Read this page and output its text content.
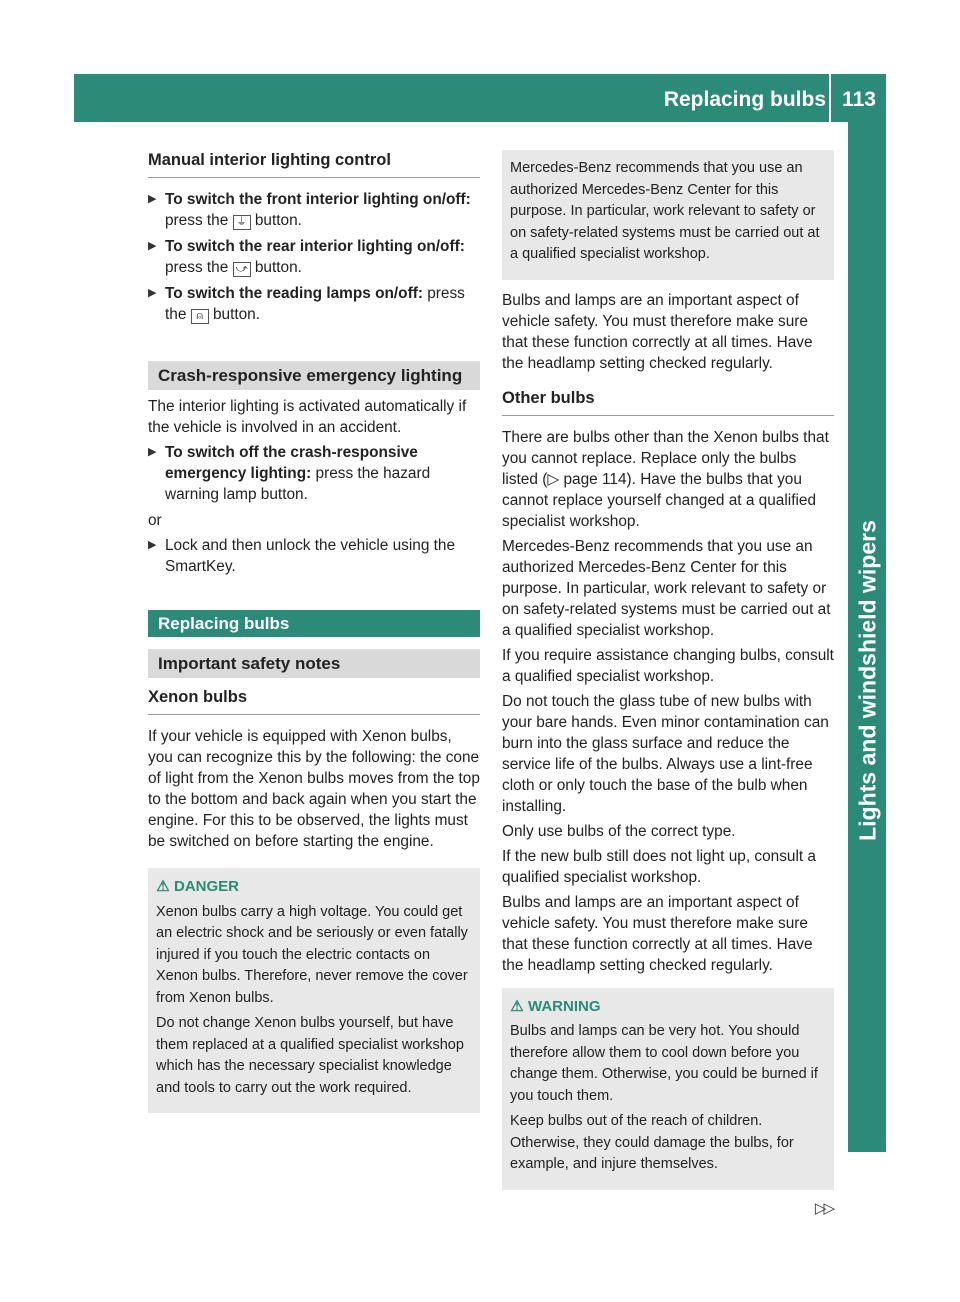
Replacing bulbs 113
Lights and windshield wipers
Manual interior lighting control
▶ To switch the front interior lighting on/off: press the ⏚ button.
▶ To switch the rear interior lighting on/off: press the ⤻ button.
▶ To switch the reading lamps on/off: press the ⍝ button.
Crash-responsive emergency lighting
The interior lighting is activated automatically if the vehicle is involved in an accident.
▶ To switch off the crash-responsive emergency lighting: press the hazard warning lamp button.
or
▶ Lock and then unlock the vehicle using the SmartKey.
Replacing bulbs
Important safety notes
Xenon bulbs
If your vehicle is equipped with Xenon bulbs, you can recognize this by the following: the cone of light from the Xenon bulbs moves from the top to the bottom and back again when you start the engine. For this to be observed, the lights must be switched on before starting the engine.
⚠ DANGER
Xenon bulbs carry a high voltage. You could get an electric shock and be seriously or even fatally injured if you touch the electric contacts on Xenon bulbs. Therefore, never remove the cover from Xenon bulbs.
Do not change Xenon bulbs yourself, but have them replaced at a qualified specialist workshop which has the necessary specialist knowledge and tools to carry out the work required.
Mercedes-Benz recommends that you use an authorized Mercedes-Benz Center for this purpose. In particular, work relevant to safety or on safety-related systems must be carried out at a qualified specialist workshop.
Bulbs and lamps are an important aspect of vehicle safety. You must therefore make sure that these function correctly at all times. Have the headlamp setting checked regularly.
Other bulbs
There are bulbs other than the Xenon bulbs that you cannot replace. Replace only the bulbs listed (▷ page 114). Have the bulbs that you cannot replace yourself changed at a qualified specialist workshop.
Mercedes-Benz recommends that you use an authorized Mercedes-Benz Center for this purpose. In particular, work relevant to safety or on safety-related systems must be carried out at a qualified specialist workshop.
If you require assistance changing bulbs, consult a qualified specialist workshop.
Do not touch the glass tube of new bulbs with your bare hands. Even minor contamination can burn into the glass surface and reduce the service life of the bulbs. Always use a lint-free cloth or only touch the base of the bulb when installing.
Only use bulbs of the correct type.
If the new bulb still does not light up, consult a qualified specialist workshop.
Bulbs and lamps are an important aspect of vehicle safety. You must therefore make sure that these function correctly at all times. Have the headlamp setting checked regularly.
⚠ WARNING
Bulbs and lamps can be very hot. You should therefore allow them to cool down before you change them. Otherwise, you could be burned if you touch them.
Keep bulbs out of the reach of children. Otherwise, they could damage the bulbs, for example, and injure themselves.
▷▷
